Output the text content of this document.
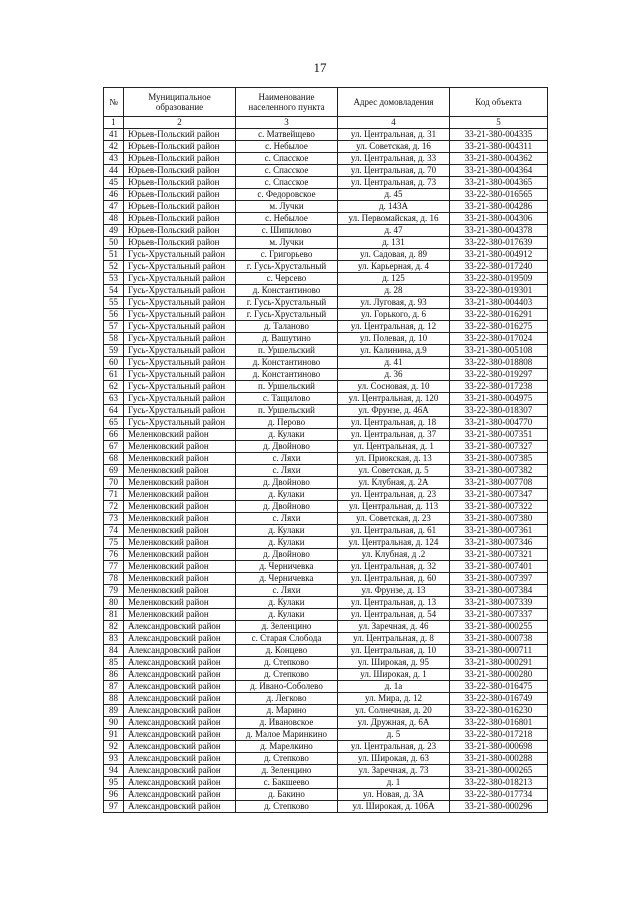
17
№	Муниципальное образование	Наименование населенного пункта	Адрес домовладения	Код объекта
1	2	3	4	5
41	Юрьев-Польский район	с. Матвейщево	ул. Центральная, д. 31	33-21-380-004335
42	Юрьев-Польский район	с. Небылое	ул. Советская, д. 16	33-21-380-004311
43	Юрьев-Польский район	с. Спасское	ул. Центральная, д. 33	33-21-380-004362
44	Юрьев-Польский район	с. Спасское	ул. Центральная, д. 70	33-21-380-004364
45	Юрьев-Польский район	с. Спасское	ул. Центральная, д. 73	33-21-380-004365
46	Юрьев-Польский район	с. Федоровское	д. 45	33-22-380-016565
47	Юрьев-Польский район	м. Лучки	д. 143А	33-21-380-004286
48	Юрьев-Польский район	с. Небылое	ул. Первомайская, д. 16	33-21-380-004306
49	Юрьев-Польский район	с. Шипилово	д. 47	33-21-380-004378
50	Юрьев-Польский район	м. Лучки	д. 131	33-22-380-017639
51	Гусь-Хрустальный район	с. Григорьево	ул. Садовая, д. 89	33-21-380-004912
52	Гусь-Хрустальный район	г. Гусь-Хрустальный	ул. Карьерная, д. 4	33-22-380-017240
53	Гусь-Хрустальный район	с. Черсево	д. 125	33-22-380-019509
54	Гусь-Хрустальный район	д. Константиново	д. 28	33-22-380-019301
55	Гусь-Хрустальный район	г. Гусь-Хрустальный	ул. Луговая, д. 93	33-21-380-004403
56	Гусь-Хрустальный район	г. Гусь-Хрустальный	ул. Горького, д. 6	33-22-380-016291
57	Гусь-Хрустальный район	д. Таланово	ул. Центральная, д. 12	33-22-380-016275
58	Гусь-Хрустальный район	д. Вашутино	ул. Полевая, д. 10	33-22-380-017024
59	Гусь-Хрустальный район	п. Уршельский	ул. Калинина, д.9	33-21-380-005108
60	Гусь-Хрустальный район	д. Константиново	д. 41	33-22-380-018808
61	Гусь-Хрустальный район	д. Константиново	д. 36	33-22-380-019297
62	Гусь-Хрустальный район	п. Уршельский	ул. Сосновая, д. 10	33-22-380-017238
63	Гусь-Хрустальный район	с. Тащилово	ул. Центральная, д. 120	33-21-380-004975
64	Гусь-Хрустальный район	п. Уршельский	ул. Фрунзе, д. 46А	33-22-380-018307
65	Гусь-Хрустальный район	д. Перово	ул. Центральная, д. 18	33-21-380-004770
66	Меленковский район	д. Кулаки	ул. Центральная, д. 37	33-21-380-007351
67	Меленковский район	д. Двойново	ул. Центральная, д. 1	33-21-380-007327
68	Меленковский район	с. Ляхи	ул. Приокская, д. 13	33-21-380-007385
69	Меленковский район	с. Ляхи	ул. Советская, д. 5	33-21-380-007382
70	Меленковский район	д. Двойново	ул. Клубная, д. 2А	33-21-380-007708
71	Меленковский район	д. Кулаки	ул. Центральная, д. 23	33-21-380-007347
72	Меленковский район	д. Двойново	ул. Центральная, д. 113	33-21-380-007322
73	Меленковский район	с. Ляхи	ул. Советская, д. 23	33-21-380-007380
74	Меленковский район	д. Кулаки	ул. Центральная, д. 61	33-21-380-007361
75	Меленковский район	д. Кулаки	ул. Центральная, д. 124	33-21-380-007346
76	Меленковский район	д. Двойново	ул. Клубная, д .2	33-21-380-007321
77	Меленковский район	д. Черничевка	ул. Центральная, д. 32	33-21-380-007401
78	Меленковский район	д. Черничевка	ул. Центральная, д. 60	33-21-380-007397
79	Меленковский район	с. Ляхи	ул. Фрунзе, д. 13	33-21-380-007384
80	Меленковский район	д. Кулаки	ул. Центральная, д. 13	33-21-380-007339
81	Меленковский район	д. Кулаки	ул. Центральная, д. 54	33-21-380-007337
82	Александровский район	д. Зеленцино	ул. Заречная, д. 46	33-21-380-000255
83	Александровский район	с. Старая Слобода	ул. Центральная, д. 8	33-21-380-000738
84	Александровский район	д. Концево	ул. Центральная, д. 10	33-21-380-000711
85	Александровский район	д. Степково	ул. Широкая, д. 95	33-21-380-000291
86	Александровский район	д. Степково	ул. Широкая, д. 1	33-21-380-000280
87	Александровский район	д. Ивано-Соболево	д. 1а	33-22-380-016475
88	Александровский район	д. Легково	ул. Мира, д. 12	33-22-380-016749
89	Александровский район	д. Марино	ул. Солнечная, д. 20	33-22-380-016230
90	Александровский район	д. Ивановское	ул. Дружная, д. 6А	33-22-380-016801
91	Александровский район	д. Малое Маринкино	д. 5	33-22-380-017218
92	Александровский район	д. Марелкино	ул. Центральная, д. 23	33-21-380-000698
93	Александровский район	д. Степково	ул. Широкая, д. 63	33-21-380-000288
94	Александровский район	д. Зеленцино	ул. Заречная, д. 73	33-21-380-000265
95	Александровский район	с. Бакшеево	д. 1	33-22-380-018213
96	Александровский район	д. Бакино	ул. Новая, д. 3А	33-22-380-017734
97	Александровский район	д. Степково	ул. Широкая, д. 106А	33-21-380-000296
